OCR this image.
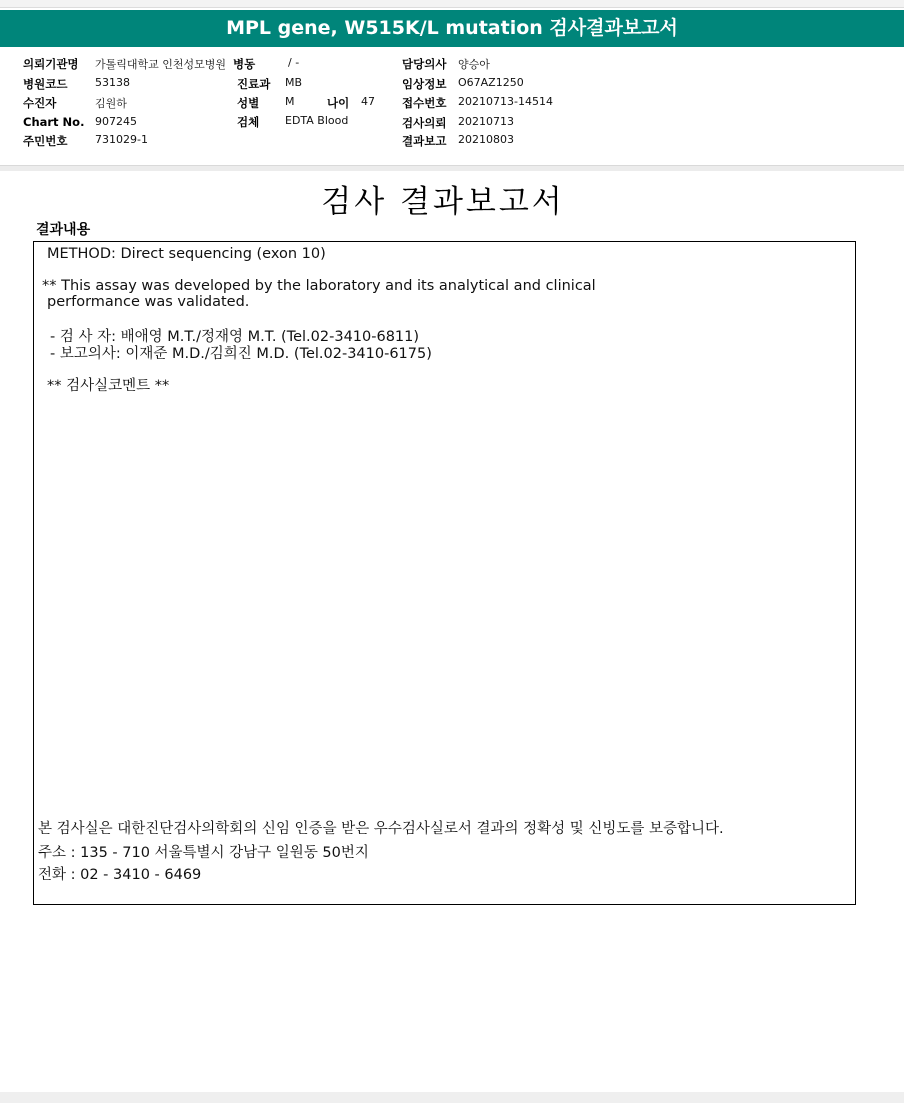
MPL gene, W515K/L mutation 검사결과보고서
의뢰기관명 가톨릭대학교 인천성모병원 병동	/ -	담당의사 양승아
병원코드	53138	진료과 MB	임상정보 O67AZ1250
수진자	김원하	성별 M	나이 47 접수번호 20210713-14514
Chart No. 907245	검체 EDTA Blood	검사의뢰 20210713
주민번호	731029-1	결과보고 20210803
검사 결과보고서
결과내용
METHOD: Direct sequencing (exon 10)
** This assay was developed by the laboratory and its analytical and clinical
performance was validated.
- 검 사 자: 배애영 M.T./정재영 M.T. (Tel.02-3410-6811)
- 보고의사: 이재준 M.D./김희진 M.D. (Tel.02-3410-6175)
** 검사실코멘트 **
본 검사실은 대한진단검사의학회의 신임 인증을 받은 우수검사실로서 결과의 정확성 및 신빙도를 보증합니다.
주소 : 135 - 710 서울특별시 강남구 일원동 50번지
전화 : 02 - 3410 - 6469
